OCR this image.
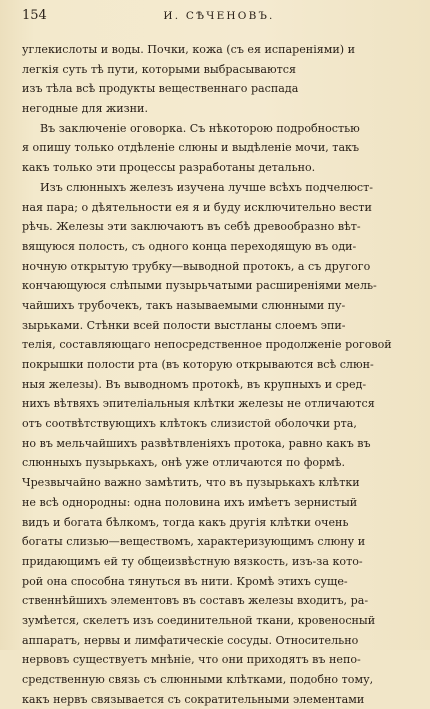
154	И. СѢЧЕНОВЪ.
углекислоты и воды. Почки, кожа (съ ея испареніями) и
легкія суть тѣ пути, которыми выбрасываются
изъ тѣла всѣ продукты вещественнаго распада
негодные для жизни.
Въ заключеніе оговорка. Съ нѣкоторою подробностью
я опишу только отдѣленіе слюны и выдѣленіе мочи, такъ
какъ только эти процессы разработаны детально.
Изъ слюнныхъ железъ изучена лучше всѣхъ подчелюст-
ная пара; о дѣятельности ея я и буду исключительно вести
рѣчь. Железы эти заключаютъ въ себѣ древообразно вѣт-
вящуюся полость, съ одного конца переходящую въ оди-
ночную открытую трубку—выводной протокъ, а съ другого
кончающуюся слѣпыми пузырьчатыми расширеніями мель-
чайшихъ трубочекъ, такъ называемыми слюнными пу-
зырьками. Стѣнки всей полости выстланы слоемъ эпи-
телія, составляющаго непосредственное продолженіе роговой
покрышки полости рта (въ которую открываются всѣ слюн-
ныя железы). Въ выводномъ протокѣ, въ крупныхъ и сред-
нихъ вѣтвяхъ эпителіальныя клѣтки железы не отличаются
отъ соотвѣтствующихъ клѣтокъ слизистой оболочки рта,
но въ мельчайшихъ развѣтвленіяхъ протока, равно какъ въ
слюнныхъ пузырькахъ, онѣ уже отличаются по формѣ.
Чрезвычайно важно замѣтить, что въ пузырькахъ клѣтки
не всѣ однородны: одна половина ихъ имѣетъ зернистый
видъ и богата бѣлкомъ, тогда какъ другія клѣтки очень
богаты слизью—веществомъ, характеризующимъ слюну и
придающимъ ей ту общеизвѣстную вязкость, изъ-за кото-
рой она способна тянуться въ нити. Кромѣ этихъ суще-
ственнѣйшихъ элементовъ въ составъ железы входитъ, ра-
зумѣется, скелетъ изъ соединительной ткани, кровеносный
аппаратъ, нервы и лимфатическіе сосуды. Относительно
нервовъ существуетъ мнѣніе, что они приходятъ въ непо-
средственную связь съ слюнными клѣтками, подобно тому,
какъ нервъ связывается съ сократительными элементами
